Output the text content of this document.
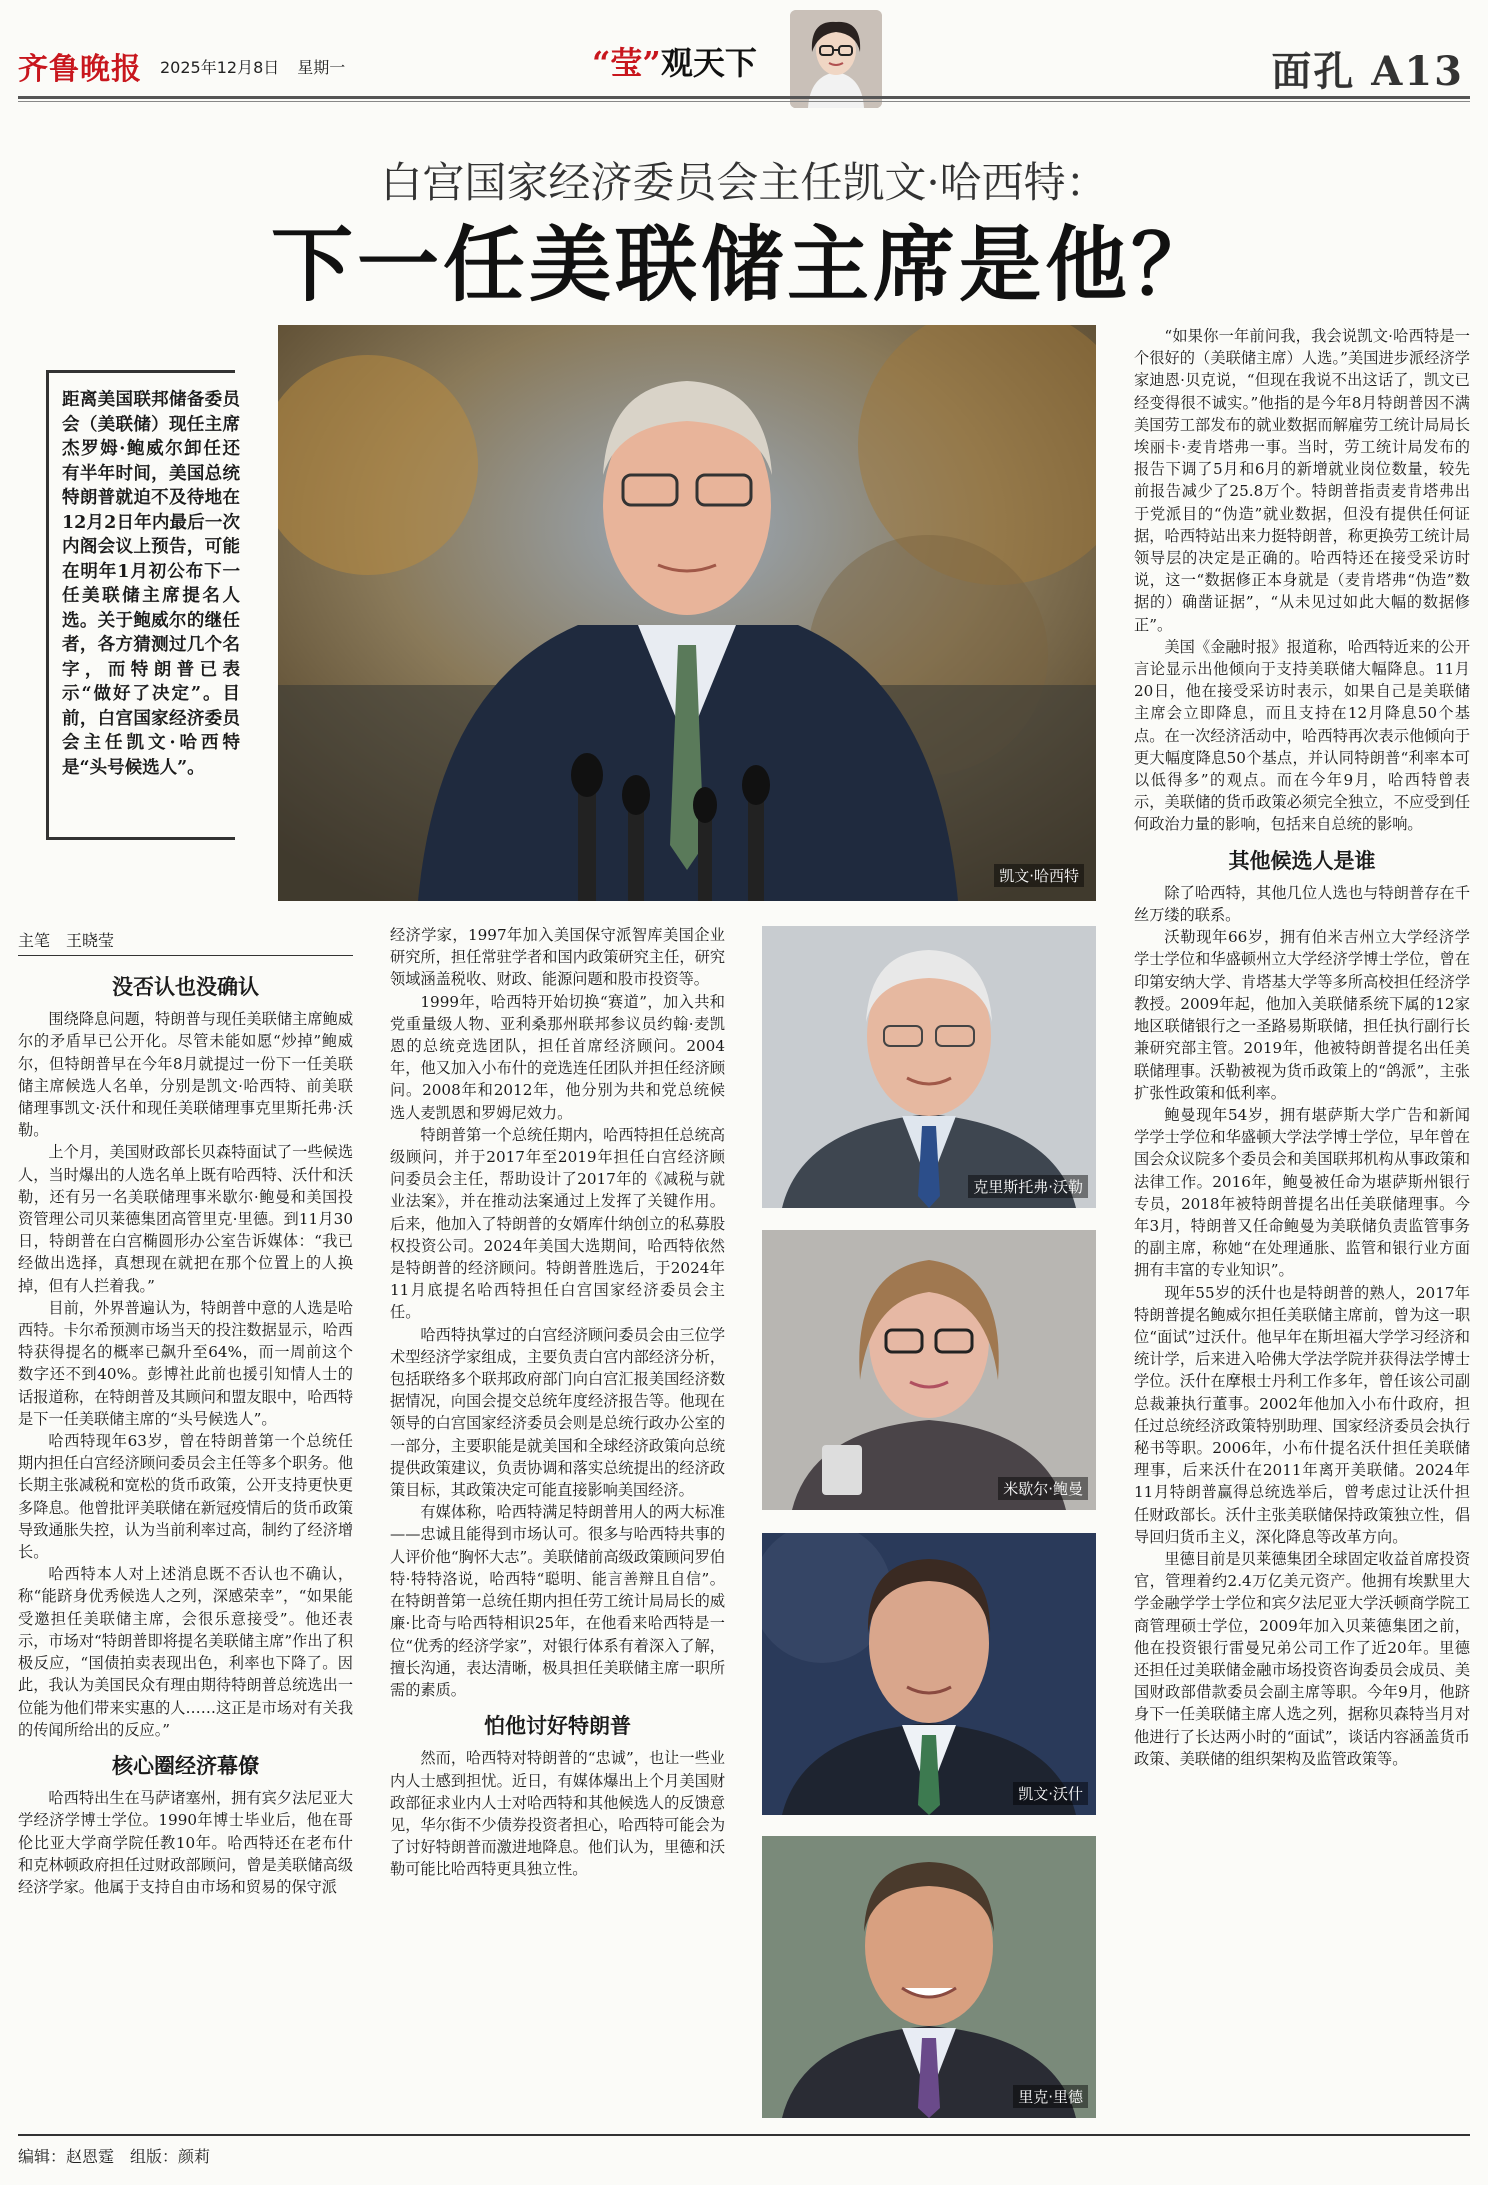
齐鲁晚报 2025年12月8日 星期一	“莹”观天下	面孔 A13
白宫国家经济委员会主任凯文·哈西特：
下一任美联储主席是他？
凯文·哈西特
距离美国联邦储备委员会（美联储）现任主席杰罗姆·鲍威尔卸任还有半年时间，美国总统特朗普就迫不及待地在12月2日年内最后一次内阁会议上预告，可能在明年1月初公布下一任美联储主席提名人选。关于鲍威尔的继任者，各方猜测过几个名字，而特朗普已表示“做好了决定”。目前，白宫国家经济委员会主任凯文·哈西特是“头号候选人”。
主笔　王晓莹
没否认也没确认

围绕降息问题，特朗普与现任美联储主席鲍威尔的矛盾早已公开化。尽管未能如愿“炒掉”鲍威尔，但特朗普早在今年8月就提过一份下一任美联储主席候选人名单，分别是凯文·哈西特、前美联储理事凯文·沃什和现任美联储理事克里斯托弗·沃勒。

上个月，美国财政部长贝森特面试了一些候选人，当时爆出的人选名单上既有哈西特、沃什和沃勒，还有另一名美联储理事米歇尔·鲍曼和美国投资管理公司贝莱德集团高管里克·里德。到11月30日，特朗普在白宫椭圆形办公室告诉媒体：“我已经做出选择，真想现在就把在那个位置上的人换掉，但有人拦着我。”

目前，外界普遍认为，特朗普中意的人选是哈西特。卡尔希预测市场当天的投注数据显示，哈西特获得提名的概率已飙升至64%，而一周前这个数字还不到40%。彭博社此前也援引知情人士的话报道称，在特朗普及其顾问和盟友眼中，哈西特是下一任美联储主席的“头号候选人”。

哈西特现年63岁，曾在特朗普第一个总统任期内担任白宫经济顾问委员会主任等多个职务。他长期主张减税和宽松的货币政策，公开支持更快更多降息。他曾批评美联储在新冠疫情后的货币政策导致通胀失控，认为当前利率过高，制约了经济增长。

哈西特本人对上述消息既不否认也不确认，称“能跻身优秀候选人之列，深感荣幸”，“如果能受邀担任美联储主席，会很乐意接受”。他还表示，市场对“特朗普即将提名美联储主席”作出了积极反应，“国债拍卖表现出色，利率也下降了。因此，我认为美国民众有理由期待特朗普总统选出一位能为他们带来实惠的人……这正是市场对有关我的传闻所给出的反应。”

核心圈经济幕僚

哈西特出生在马萨诸塞州，拥有宾夕法尼亚大学经济学博士学位。1990年博士毕业后，他在哥伦比亚大学商学院任教10年。哈西特还在老布什和克林顿政府担任过财政部顾问，曾是美联储高级经济学家。他属于支持自由市场和贸易的保守派

经济学家，1997年加入美国保守派智库美国企业研究所，担任常驻学者和国内政策研究主任，研究领域涵盖税收、财政、能源问题和股市投资等。

1999年，哈西特开始切换“赛道”，加入共和党重量级人物、亚利桑那州联邦参议员约翰·麦凯恩的总统竞选团队，担任首席经济顾问。2004年，他又加入小布什的竞选连任团队并担任经济顾问。2008年和2012年，他分别为共和党总统候选人麦凯恩和罗姆尼效力。

特朗普第一个总统任期内，哈西特担任总统高级顾问，并于2017年至2019年担任白宫经济顾问委员会主任，帮助设计了2017年的《减税与就业法案》，并在推动法案通过上发挥了关键作用。后来，他加入了特朗普的女婿库什纳创立的私募股权投资公司。2024年美国大选期间，哈西特依然是特朗普的经济顾问。特朗普胜选后，于2024年11月底提名哈西特担任白宫国家经济委员会主任。

哈西特执掌过的白宫经济顾问委员会由三位学术型经济学家组成，主要负责白宫内部经济分析，包括联络多个联邦政府部门向白宫汇报美国经济数据情况，向国会提交总统年度经济报告等。他现在领导的白宫国家经济委员会则是总统行政办公室的一部分，主要职能是就美国和全球经济政策向总统提供政策建议，负责协调和落实总统提出的经济政策目标，其政策决定可能直接影响美国经济。

有媒体称，哈西特满足特朗普用人的两大标准——忠诚且能得到市场认可。很多与哈西特共事的人评价他“胸怀大志”。美联储前高级政策顾问罗伯特·特特洛说，哈西特“聪明、能言善辩且自信”。在特朗普第一总统任期内担任劳工统计局局长的威廉·比奇与哈西特相识25年，在他看来哈西特是一位“优秀的经济学家”，对银行体系有着深入了解，擅长沟通，表达清晰，极具担任美联储主席一职所需的素质。

怕他讨好特朗普

然而，哈西特对特朗普的“忠诚”，也让一些业内人士感到担忧。近日，有媒体爆出上个月美国财政部征求业内人士对哈西特和其他候选人的反馈意见，华尔街不少债券投资者担心，哈西特可能会为了讨好特朗普而激进地降息。他们认为，里德和沃勒可能比哈西特更具独立性。

克里斯托弗·沃勒
米歇尔·鲍曼
凯文·沃什
里克·里德

“如果你一年前问我，我会说凯文·哈西特是一个很好的（美联储主席）人选。”美国进步派经济学家迪恩·贝克说，“但现在我说不出这话了，凯文已经变得很不诚实。”他指的是今年8月特朗普因不满美国劳工部发布的就业数据而解雇劳工统计局局长埃丽卡·麦肯塔弗一事。当时，劳工统计局发布的报告下调了5月和6月的新增就业岗位数量，较先前报告减少了25.8万个。特朗普指责麦肯塔弗出于党派目的“伪造”就业数据，但没有提供任何证据，哈西特站出来力挺特朗普，称更换劳工统计局领导层的决定是正确的。哈西特还在接受采访时说，这一“数据修正本身就是（麦肯塔弗“伪造”数据的）确凿证据”，“从未见过如此大幅的数据修正”。

美国《金融时报》报道称，哈西特近来的公开言论显示出他倾向于支持美联储大幅降息。11月20日，他在接受采访时表示，如果自己是美联储主席会立即降息，而且支持在12月降息50个基点。在一次经济活动中，哈西特再次表示他倾向于更大幅度降息50个基点，并认同特朗普“利率本可以低得多”的观点。而在今年9月，哈西特曾表示，美联储的货币政策必须完全独立，不应受到任何政治力量的影响，包括来自总统的影响。

其他候选人是谁

除了哈西特，其他几位人选也与特朗普存在千丝万缕的联系。

沃勒现年66岁，拥有伯米吉州立大学经济学学士学位和华盛顿州立大学经济学博士学位，曾在印第安纳大学、肯塔基大学等多所高校担任经济学教授。2009年起，他加入美联储系统下属的12家地区联储银行之一圣路易斯联储，担任执行副行长兼研究部主管。2019年，他被特朗普提名出任美联储理事。沃勒被视为货币政策上的“鸽派”，主张扩张性政策和低利率。

鲍曼现年54岁，拥有堪萨斯大学广告和新闻学学士学位和华盛顿大学法学博士学位，早年曾在国会众议院多个委员会和美国联邦机构从事政策和法律工作。2016年，鲍曼被任命为堪萨斯州银行专员，2018年被特朗普提名出任美联储理事。今年3月，特朗普又任命鲍曼为美联储负责监管事务的副主席，称她“在处理通胀、监管和银行业方面拥有丰富的专业知识”。

现年55岁的沃什也是特朗普的熟人，2017年特朗普提名鲍威尔担任美联储主席前，曾为这一职位“面试”过沃什。他早年在斯坦福大学学习经济和统计学，后来进入哈佛大学法学院并获得法学博士学位。沃什在摩根士丹利工作多年，曾任该公司副总裁兼执行董事。2002年他加入小布什政府，担任过总统经济政策特别助理、国家经济委员会执行秘书等职。2006年，小布什提名沃什担任美联储理事，后来沃什在2011年离开美联储。2024年11月特朗普赢得总统选举后，曾考虑过让沃什担任财政部长。沃什主张美联储保持政策独立性，倡导回归货币主义，深化降息等改革方向。

里德目前是贝莱德集团全球固定收益首席投资官，管理着约2.4万亿美元资产。他拥有埃默里大学金融学学士学位和宾夕法尼亚大学沃顿商学院工商管理硕士学位，2009年加入贝莱德集团之前，他在投资银行雷曼兄弟公司工作了近20年。里德还担任过美联储金融市场投资咨询委员会成员、美国财政部借款委员会副主席等职。今年9月，他跻身下一任美联储主席人选之列，据称贝森特当月对他进行了长达两小时的“面试”，谈话内容涵盖货币政策、美联储的组织架构及监管政策等。

编辑：赵恩霆　组版：颜莉
